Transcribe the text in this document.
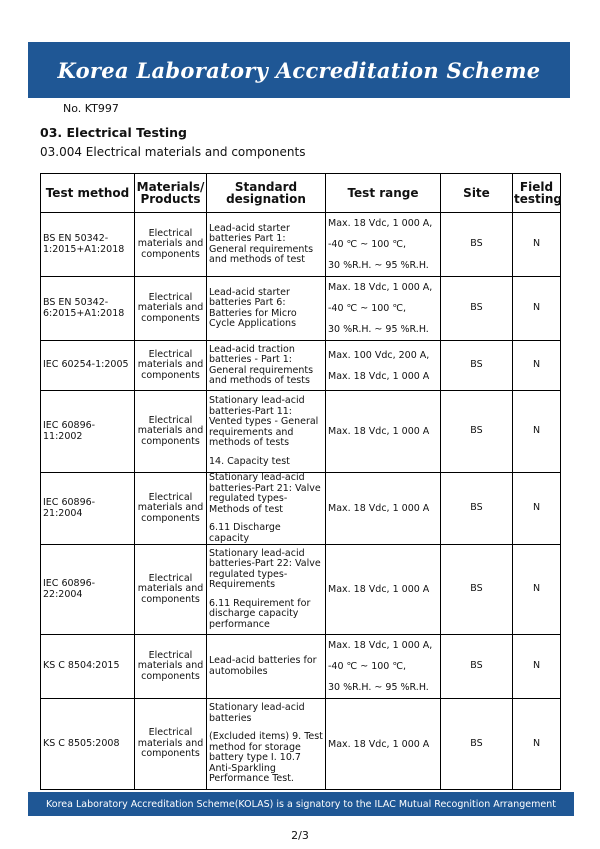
Korea Laboratory Accreditation Scheme
No. KT997
03. Electrical Testing
03.004 Electrical materials and components
Test method	Materials/ Products	Standard designation	Test range	Site	Field testing
BS EN 50342-1:2015+A1:2018	Electrical materials and components	Lead-acid starter batteries Part 1: General requirements and methods of test	Max. 18 Vdc, 1 000 A,
-40 ℃ ~ 100 ℃,
30 %R.H. ~ 95 %R.H.	BS	N
BS EN 50342-6:2015+A1:2018	Electrical materials and components	Lead-acid starter batteries Part 6: Batteries for Micro Cycle Applications	Max. 18 Vdc, 1 000 A,
-40 ℃ ~ 100 ℃,
30 %R.H. ~ 95 %R.H.	BS	N
IEC 60254-1:2005	Electrical materials and components	Lead-acid traction batteries - Part 1: General requirements and methods of tests	Max. 100 Vdc, 200 A,
Max. 18 Vdc, 1 000 A	BS	N
IEC 60896-11:2002	Electrical materials and components	Stationary lead-acid batteries-Part 11: Vented types - General requirements and methods of tests
14. Capacity test	Max. 18 Vdc, 1 000 A	BS	N
IEC 60896-21:2004	Electrical materials and components	Stationary lead-acid batteries-Part 21: Valve regulated types-Methods of test
6.11 Discharge capacity	Max. 18 Vdc, 1 000 A	BS	N
IEC 60896-22:2004	Electrical materials and components	Stationary lead-acid batteries-Part 22: Valve regulated types-Requirements
6.11 Requirement for discharge capacity performance	Max. 18 Vdc, 1 000 A	BS	N
KS C 8504:2015	Electrical materials and components	Lead-acid batteries for automobiles	Max. 18 Vdc, 1 000 A,
-40 ℃ ~ 100 ℃,
30 %R.H. ~ 95 %R.H.	BS	N
KS C 8505:2008	Electrical materials and components	Stationary lead-acid batteries
(Excluded items) 9. Test method for storage battery type I. 10.7 Anti-Sparkling Performance Test.	Max. 18 Vdc, 1 000 A	BS	N
Korea Laboratory Accreditation Scheme(KOLAS) is a signatory to the ILAC Mutual Recognition Arrangement
2/3
